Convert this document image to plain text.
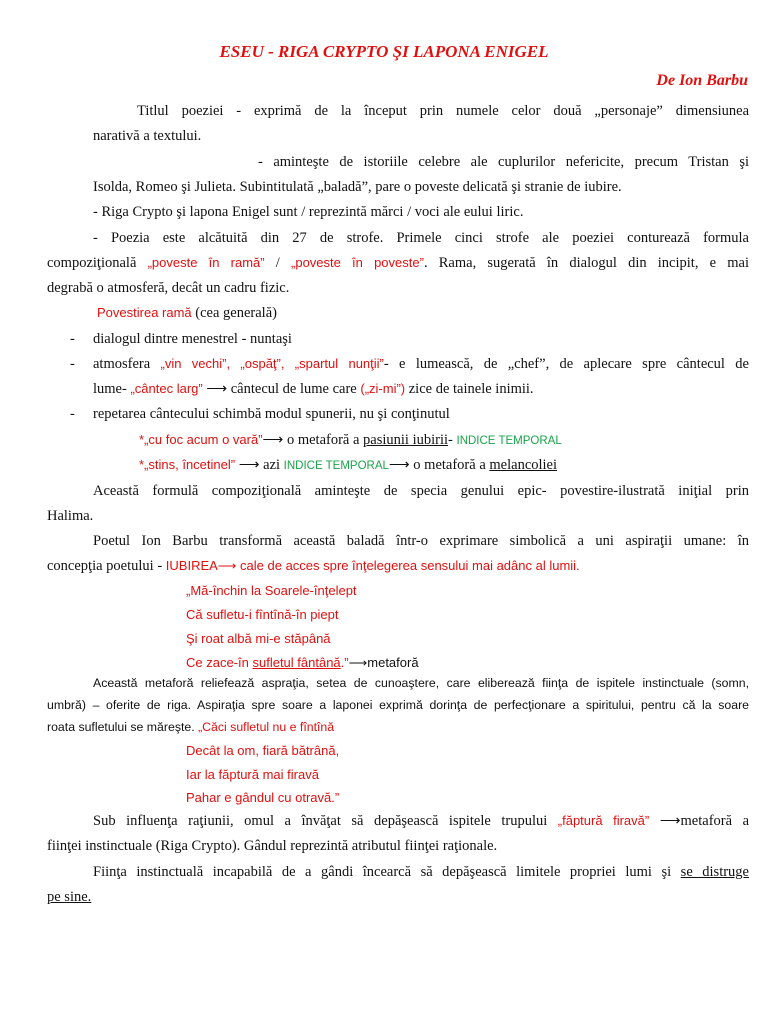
ESEU - RIGA CRYPTO ŞI LAPONA ENIGEL
De Ion Barbu
Titlul poeziei - exprimă de la început prin numele celor două „personaje” dimensiunea
narativă a textului.
- aminteşte de istoriile celebre ale cuplurilor nefericite, precum Tristan şi
Isolda, Romeo şi Julieta. Subintitulată „baladă”, pare o poveste delicată şi stranie de iubire.
- Riga Crypto şi lapona Enigel sunt / reprezintă mărci / voci ale eului liric.
- Poezia este alcătuită din 27 de strofe. Primele cinci strofe ale poeziei conturează formula
compoziţională „poveste în ramă” / „poveste în poveste”. Rama, sugerată în dialogul din incipit, e mai
degrabă o atmosferă, decât un cadru fizic.
Povestirea ramă (cea generală)
- dialogul dintre menestrel - nuntaşi
- atmosfera „vin vechi”, „ospăţ”, „spartul nunţii”- e lumească, de „chef”, de aplecare spre cântecul de
lume- „cântec larg” ⟶ cântecul de lume care („zi-mi”) zice de tainele inimii.
- repetarea cântecului schimbă modul spunerii, nu şi conţinutul
*„cu foc acum o vară”⟶ o metaforă a pasiunii iubirii- INDICE TEMPORAL
*„stins, încetinel” ⟶ azi INDICE TEMPORAL⟶ o metaforă a melancoliei
Această formulă compoziţională aminteşte de specia genului epic- povestire-ilustrată iniţial prin
Halima.
Poetul Ion Barbu transformă această baladă într-o exprimare simbolică a uni aspiraţii umane: în
concepţia poetului - IUBIREA⟶ cale de acces spre înţelegerea sensului mai adânc al lumii.
„Mă-închin la Soarele-înţelept
Că sufletu-i fîntînă-în piept
Şi roat albă mi-e stăpână
Ce zace-în sufletul fântână.”⟶metaforă
Această metaforă reliefează aspraţia, setea de cunoaştere, care eliberează fiinţa de ispitele instinctuale (somn,
umbră) – oferite de riga. Aspiraţia spre soare a laponei exprimă dorinţa de perfecţionare a spiritului, pentru că la soare
roata sufletului se măreşte. „Căci sufletul nu e fîntînă
Decât la om, fiară bătrână,
Iar la făptură mai firavă
Pahar e gândul cu otravă.”
Sub influenţa raţiunii, omul a învăţat să depăşească ispitele trupului „făptură firavă” ⟶metaforă a
fiinţei instinctuale (Riga Crypto). Gândul reprezintă atributul fiinţei raţionale.
Fiinţa instinctuală incapabilă de a gândi încearcă să depăşească limitele propriei lumi şi se distruge
pe sine.
